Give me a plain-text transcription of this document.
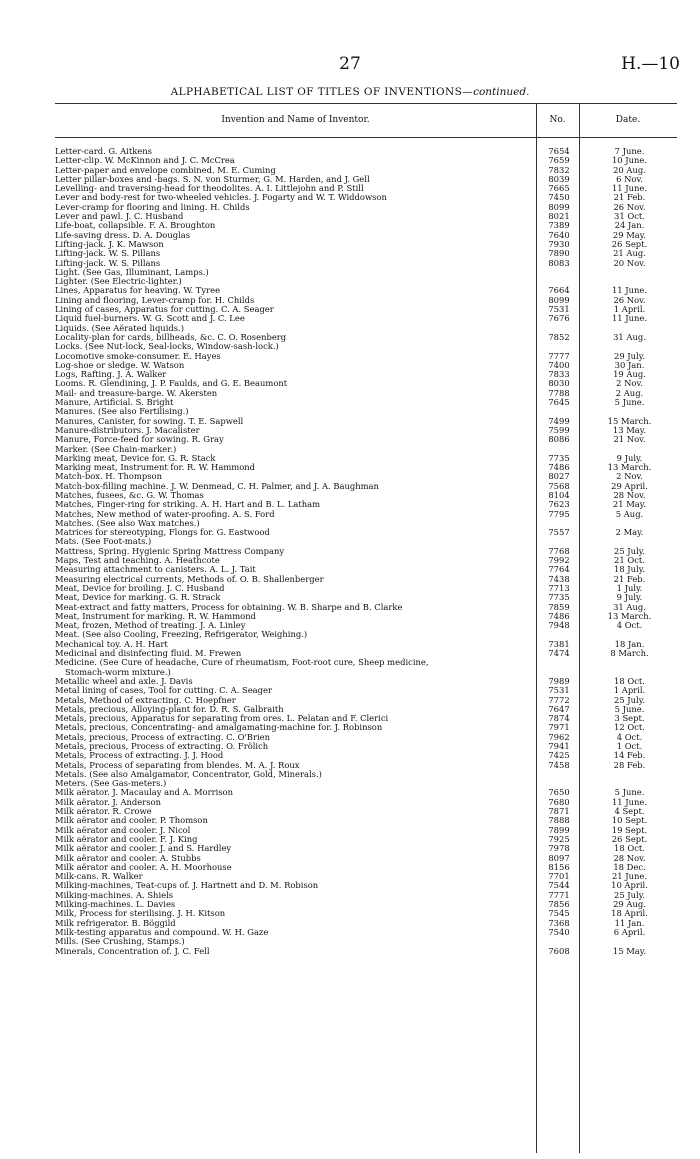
27	H.—10
ALPHABETICAL LIST OF TITLES OF INVENTIONS—continued.
Invention and Name of Inventor.	No.	Date.
Letter-card. G. Aitkens	7654	7 June.
Letter-clip. W. McKinnon and J. C. McCrea	7659	10 June.
Letter-paper and envelope combined. M. E. Cuming	7832	20 Aug.
Letter pillar-boxes and -bags. S. N. von Sturmer, G. M. Harden, and J. Gell	8039	6 Nov.
Levelling- and traversing-head for theodolites. A. I. Littlejohn and P. Still	7665	11 June.
Lever and body-rest for two-wheeled vehicles. J. Fogarty and W. T. Widdowson	7450	21 Feb.
Lever-cramp for flooring and lining. H. Childs	8099	26 Nov.
Lever and pawl. J. C. Husband	8021	31 Oct.
Life-boat, collapsible. F. A. Broughton	7389	24 Jan.
Life-saving dress. D. A. Douglas	7640	29 May.
Lifting-jack. J. K. Mawson	7930	26 Sept.
Lifting-jack. W. S. Pillans	7890	21 Aug.
Lifting-jack. W. S. Pillans	8083	20 Nov.
Light. (See Gas, Illuminant, Lamps.)
Lighter. (See Electric-lighter.)
Lines, Apparatus for heaving. W. Tyree	7664	11 June.
Lining and flooring, Lever-cramp for. H. Childs	8099	26 Nov.
Lining of cases, Apparatus for cutting. C. A. Seager	7531	1 April.
Liquid fuel-burners. W. G. Scott and J. C. Lee	7676	11 June.
Liquids. (See Aërated liquids.)
Locality-plan for cards, billheads, &c. C. O. Rosenberg	7852	31 Aug.
Locks. (See Nut-lock, Seal-locks, Window-sash-lock.)
Locomotive smoke-consumer. E. Hayes	7777	29 July.
Log-shoe or sledge. W. Watson	7400	30 Jan.
Logs, Rafting. J. A. Walker	7833	19 Aug.
Looms. R. Glendining, J. P. Faulds, and G. E. Beaumont	8030	2 Nov.
Mail- and treasure-barge. W. Akersten	7788	2 Aug.
Manure, Artificial. S. Bright	7645	5 June.
Manures. (See also Fertilising.)
Manures, Canister, for sowing. T. E. Sapwell	7499	15 March.
Manure-distributors. J. Macalister	7599	13 May.
Manure, Force-feed for sowing. R. Gray	8086	21 Nov.
Marker. (See Chain-marker.)
Marking meat, Device for. G. R. Stack	7735	9 July.
Marking meat, Instrument for. R. W. Hammond	7486	13 March.
Match-box. H. Thompson	8027	2 Nov.
Match-box-filling machine. J. W. Denmead, C. H. Palmer, and J. A. Baughman	7568	29 April.
Matches, fusees, &c. G. W. Thomas	8104	28 Nov.
Matches, Finger-ring for striking. A. H. Hart and B. L. Latham	7623	21 May.
Matches, New method of water-proofing. A. S. Ford	7795	5 Aug.
Matches. (See also Wax matches.)
Matrices for stereotyping, Flongs for. G. Eastwood	7557	2 May.
Mats. (See Foot-mats.)
Mattress, Spring. Hygienic Spring Mattress Company	7768	25 July.
Maps, Test and teaching. A. Heathcote	7992	21 Oct.
Measuring attachment to canisters. A. L. J. Tait	7764	18 July.
Measuring electrical currents, Methods of. O. B. Shallenberger	7438	21 Feb.
Meat, Device for broiling. J. C. Husband	7713	1 July.
Meat, Device for marking. G. R. Strack	7735	9 July.
Meat-extract and fatty matters, Process for obtaining. W. B. Sharpe and B. Clarke	7859	31 Aug.
Meat, Instrument for marking. R. W. Hammond	7486	13 March.
Meat, frozen, Method of treating. J. A. Linley	7948	4 Oct.
Meat. (See also Cooling, Freezing, Refrigerator, Weighing.)
Mechanical toy. A. H. Hart	7381	18 Jan.
Medicinal and disinfecting fluid. M. Frewen	7474	8 March.
Medicine. (See Cure of headache, Cure of rheumatism, Foot-root cure, Sheep medicine,
Stomach-worm mixture.)
Metallic wheel and axle. J. Davis	7989	18 Oct.
Metal lining of cases, Tool for cutting. C. A. Seager	7531	1 April.
Metals, Method of extracting. C. Hoepfner	7772	25 July.
Metals, precious, Alloying-plant for. D. R. S. Galbraith	7647	5 June.
Metals, precious, Apparatus for separating from ores. L. Pelatan and F. Clerici	7874	3 Sept.
Metals, precious, Concentrating- and amalgamating-machine for. J. Robinson	7971	12 Oct.
Metals, precious, Process of extracting. C. O'Brien	7962	4 Oct.
Metals, precious, Process of extracting. O. Frölich	7941	1 Oct.
Metals, Process of extracting. J. J. Hood	7425	14 Feb.
Metals, Process of separating from blendes. M. A. J. Roux	7458	28 Feb.
Metals. (See also Amalgamator, Concentrator, Gold, Minerals.)
Meters. (See Gas-meters.)
Milk aërator. J. Macaulay and A. Morrison	7650	5 June.
Milk aërator. J. Anderson	7680	11 June.
Milk aërator. R. Crowe	7871	4 Sept.
Milk aërator and cooler. P. Thomson	7888	10 Sept.
Milk aërator and cooler. J. Nicol	7899	19 Sept.
Milk aërator and cooler. F. J. King	7925	26 Sept.
Milk aërator and cooler. J. and S. Hardley	7978	18 Oct.
Milk aërator and cooler. A. Stubbs	8097	28 Nov.
Milk aërator and cooler. A. H. Moorhouse	8156	18 Dec.
Milk-cans. R. Walker	7701	21 June.
Milking-machines, Teat-cups of. J. Hartnett and D. M. Robison	7544	10 April.
Milking-machines. A. Shiels	7771	25 July.
Milking-machines. L. Davies	7856	29 Aug.
Milk, Process for sterilising. J. H. Kitson	7545	18 April.
Milk refrigerator. B. Böggild	7368	11 Jan.
Milk-testing apparatus and compound. W. H. Gaze	7540	6 April.
Mills. (See Crushing, Stamps.)
Minerals, Concentration of. J. C. Fell	7608	15 May.
